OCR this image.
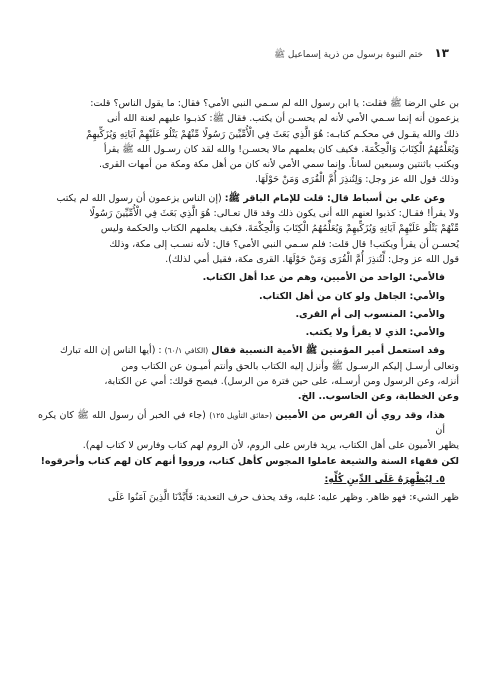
١٣
ختم النبوة برسول من ذرية إسماعيل ﷺ
بن علي الرضا ﷺ فقلت: يا ابن رسول الله لم سـمي النبي الأمي؟ فقال: ما يقول الناس؟ قلت:
يزعمون أنه إنما سـمي الأمي لأنه لم يحسـن أن يكتب. فقال ﷺ: كذبـوا عليهم لعنة الله أنى
ذلك والله يقـول في محكـم كتابـه: هُوَ الَّذِي بَعَثَ فِي الْأُمِّيِّينَ رَسُولًا مِّنْهُمْ يَتْلُو عَلَيْهِمْ آيَاتِهِ وَيُزَكِّيهِمْ
وَيُعَلِّمُهُمُ الْكِتَابَ وَالْحِكْمَةَ. فكيف كان يعلمهم مالا يحسـن! والله لقد كان رسـول الله ﷺ يقرأ
ويكتب باثنتين وسبعين لساناً. وإنما سمي الأمي لأنه كان من أهل مكة ومكة من أمهات القرى.
وذلك قول الله عز وجل: وَلِتُنذِرَ أُمَّ الْقُرَى وَمَنْ حَوْلَهَا.
وعن علي بن أسباط قال: قلت للإمام الباقر ﷺ: (إن الناس يزعمون أن رسول الله لم يكتب
ولا يقرأ! فقـال: كذبوا لعنهم الله أنى يكون ذلك وقد قال تعـالى: هُوَ الَّذِي بَعَثَ فِي الْأُمِّيِّينَ رَسُولًا
مِّنْهُمْ يَتْلُو عَلَيْهِمْ آيَاتِهِ وَيُزَكِّيهِمْ وَيُعَلِّمُهُمُ الْكِتَابَ وَالْحِكْمَةَ. فكيف يعلمهم الكتاب والحكمة وليس
يُحسـن أن يقرأ ويكتب! قال قلت: فلم سـمي النبي الأمي؟ قال: لأنه نسـب إلى مكة، وذلك
قول الله عز وجل: لِّتُنذِرَ أُمَّ الْقُرَى وَمَنْ حَوْلَهَا. القرى مكة، فقيل أمي لذلك).
فالأمي: الواحد من الأميين، وهم من عدا أهل الكتاب.
والأمي: الجاهل ولو كان من أهل الكتاب.
والأمي: المنسوب إلى أم القرى.
والأمي: الذي لا يقرأ ولا يكتب.
وقد استعمل أمير المؤمنين ﷺ الأمية النسبية فقال (الكافي ٦٠/١) : (أيها الناس إن الله تبارك
وتعالى أرسـل إليكم الرسـول ﷺ وأنزل إليه الكتاب بالحق وأنتم أميـون عن الكتاب ومن
أنزله، وعن الرسول ومن أرسـله، على حين فترة من الرسل). فيصح قولك: أمي عن الكتابة،
وعن الخطابة، وعن الحاسوب.. الخ.
هذا، وقد روي أن الفرس من الأميين (حقائق التأويل ١٢٥) (جاء في الخبر أن رسول الله ﷺ كان يكره أن
يظهر الأميون على أهل الكتاب، يريد فارس على الروم، لأن الروم لهم كتاب وفارس لا كتاب لهم).
لكن فقهاء السنة والشيعة عاملوا المجوس كأهل كتاب، ورووا أنهم كان لهم كتاب وأحرقوه!
٥. لِيُظْهِرَهُ عَلَى الدِّينِ كُلِّهِ:
ظهر الشيء: فهو ظاهر. وظهر عليه: غلبه، وقد يحذف حرف التعدية: فَأَيَّدْنَا الَّذِينَ آمَنُوا عَلَى
